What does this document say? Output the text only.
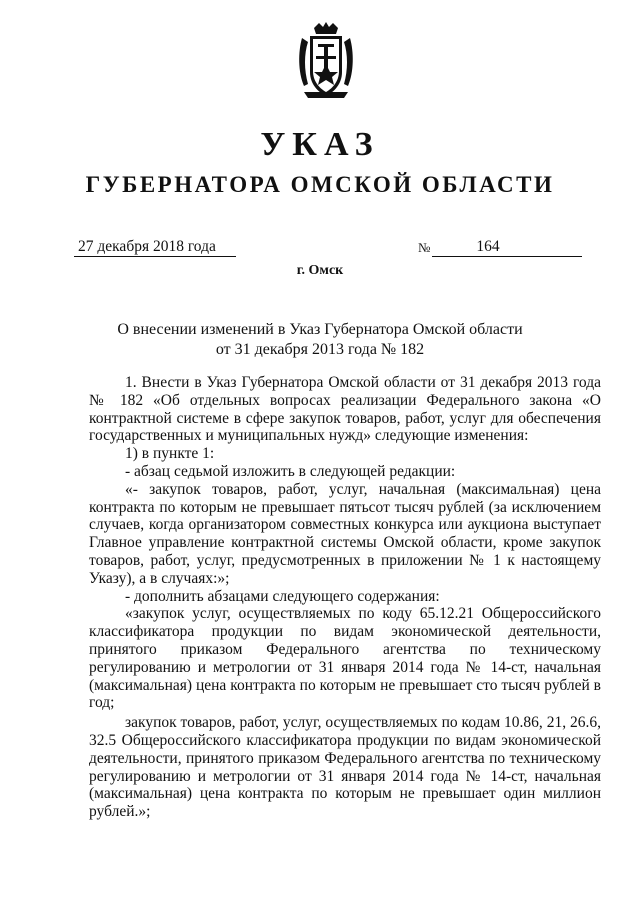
УКАЗ
ГУБЕРНАТОРА ОМСКОЙ ОБЛАСТИ
27 декабря 2018 года	№	164
г. Омск
О внесении изменений в Указ Губернатора Омской области
от 31 декабря 2013 года № 182

1. Внести в Указ Губернатора Омской области от 31 декабря 2013 года № 182 «Об отдельных вопросах реализации Федерального закона «О контрактной системе в сфере закупок товаров, работ, услуг для обеспечения государственных и муниципальных нужд» следующие изменения:

1) в пункте 1:

- абзац седьмой изложить в следующей редакции:

«- закупок товаров, работ, услуг, начальная (максимальная) цена контракта по которым не превышает пятьсот тысяч рублей (за исключением случаев, когда организатором совместных конкурса или аукциона выступает Главное управление контрактной системы Омской области, кроме закупок товаров, работ, услуг, предусмотренных в приложении № 1 к настоящему Указу), а в случаях:»;

- дополнить абзацами следующего содержания:

«закупок услуг, осуществляемых по коду 65.12.21 Общероссийского классификатора продукции по видам экономической деятельности, принятого приказом Федерального агентства по техническому регулированию и метрологии от 31 января 2014 года № 14-ст, начальная (максимальная) цена контракта по которым не превышает сто тысяч рублей в год;

закупок товаров, работ, услуг, осуществляемых по кодам 10.86, 21, 26.6, 32.5 Общероссийского классификатора продукции по видам экономической деятельности, принятого приказом Федерального агентства по техническому регулированию и метрологии от 31 января 2014 года № 14-ст, начальная (максимальная) цена контракта по которым не превышает один миллион рублей.»;
